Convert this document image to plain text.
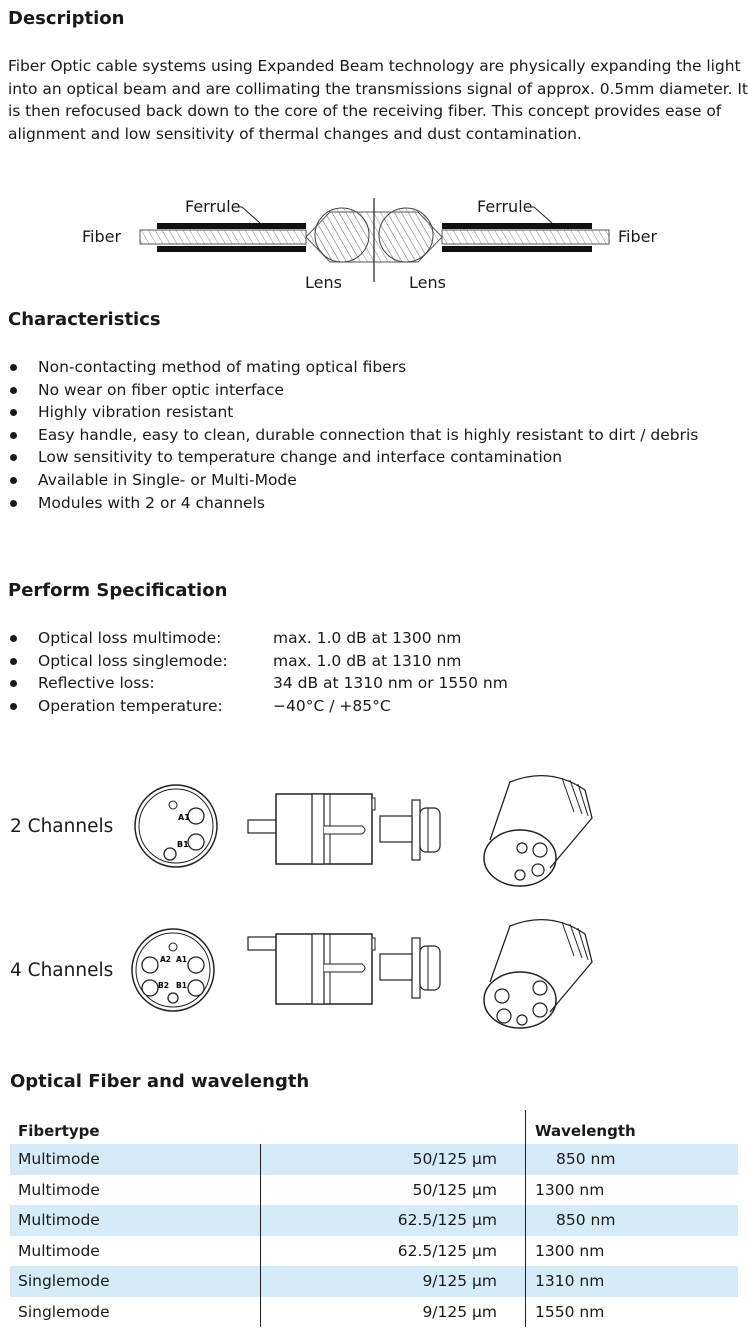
Description
Fiber Optic cable systems using Expanded Beam technology are physically expanding the light into an optical beam and are collimating the transmissions signal of approx. 0.5mm diameter. It is then refocused back down to the core of the receiving fiber. This concept provides ease of alignment and low sensitivity of thermal changes and dust contamination.
Fiber	Fiber
Ferrule	Ferrule
Lens	Lens
Characteristics
Non-contacting method of mating optical fibers
No wear on fiber optic interface
Highly vibration resistant
Easy handle, easy to clean, durable connection that is highly resistant to dirt / debris
Low sensitivity to temperature change and interface contamination
Available in Single- or Multi-Mode
Modules with 2 or 4 channels
Perform Specification
Optical loss multimode:	max. 1.0 dB at 1300 nm
Optical loss singlemode:	max. 1.0 dB at 1310 nm
Reflective loss:	34 dB at 1310 nm or 1550 nm
Operation temperature:	−40°C / +85°C
2 Channels	A1
B1
4 Channels
A2 A1
B2 B1
Optical Fiber and wavelength
Fibertype		Wavelength
Multimode	50/125 µm	850 nm
Multimode	50/125 µm	1300 nm
Multimode	62.5/125 µm	850 nm
Multimode	62.5/125 µm	1300 nm
Singlemode	9/125 µm	1310 nm
Singlemode	9/125 µm	1550 nm
